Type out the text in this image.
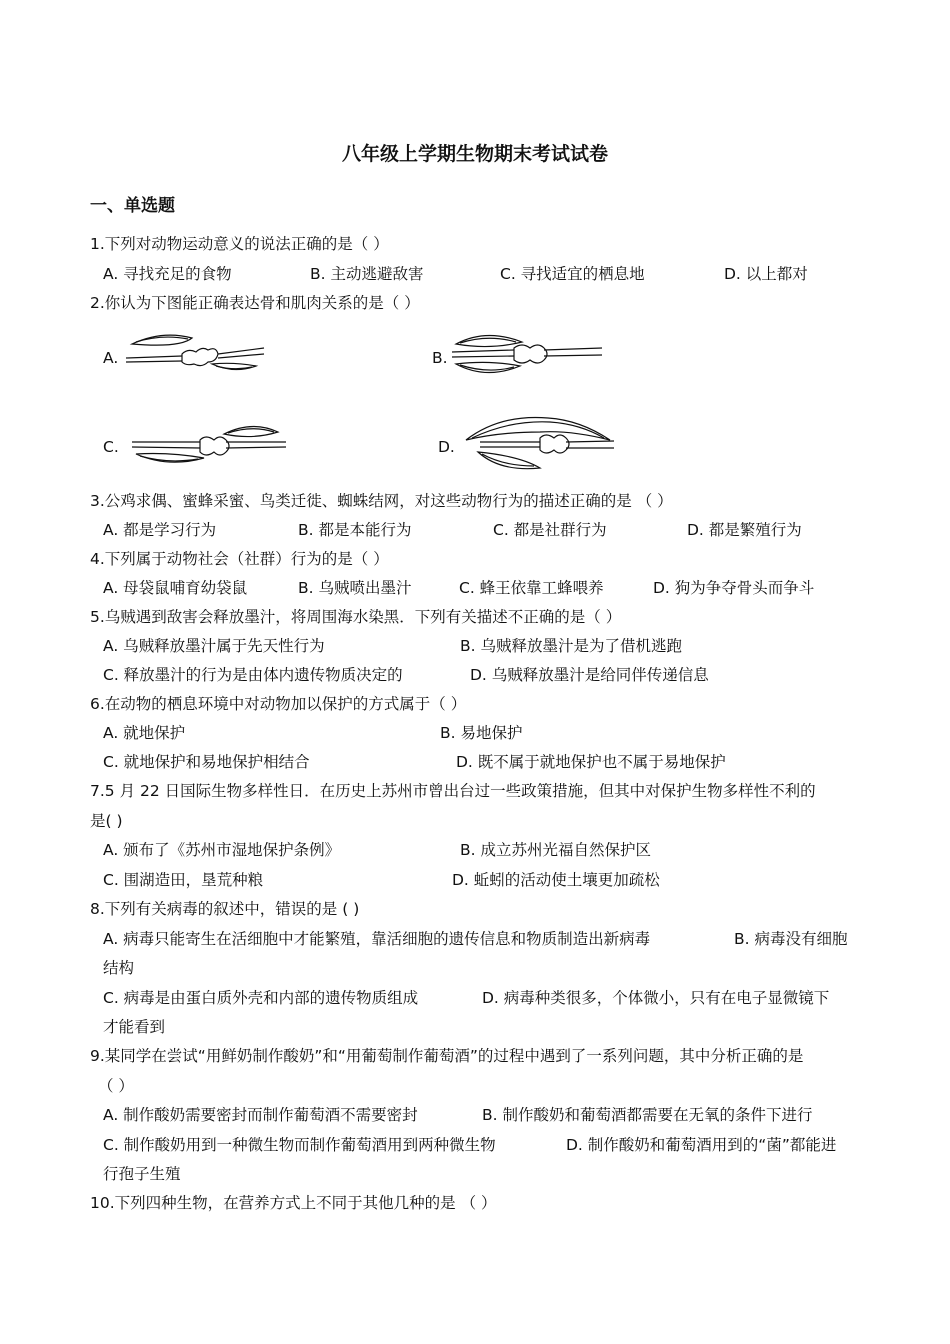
八年级上学期生物期末考试试卷
一、单选题
1.下列对动物运动意义的说法正确的是（ ）
A. 寻找充足的食物	B. 主动逃避敌害	C. 寻找适宜的栖息地	D. 以上都对
2.你认为下图能正确表达骨和肌肉关系的是（ ）
A.	B.
C.	D.
3.公鸡求偶、蜜蜂采蜜、鸟类迁徙、蜘蛛结网，对这些动物行为的描述正确的是 （ ）
A. 都是学习行为	B. 都是本能行为	C. 都是社群行为	D. 都是繁殖行为
4.下列属于动物社会（社群）行为的是（ ）
A. 母袋鼠哺育幼袋鼠	B. 乌贼喷出墨汁	C. 蜂王依靠工蜂喂养	D. 狗为争夺骨头而争斗
5.乌贼遇到敌害会释放墨汁，将周围海水染黑．下列有关描述不正确的是（ ）
A. 乌贼释放墨汁属于先天性行为	B. 乌贼释放墨汁是为了借机逃跑
C. 释放墨汁的行为是由体内遗传物质决定的	D. 乌贼释放墨汁是给同伴传递信息
6.在动物的栖息环境中对动物加以保护的方式属于（ ）
A. 就地保护	B. 易地保护
C. 就地保护和易地保护相结合	D. 既不属于就地保护也不属于易地保护
7.5 月 22 日国际生物多样性日．在历史上苏州市曾出台过一些政策措施，但其中对保护生物多样性不利的
是( )
A. 颁布了《苏州市湿地保护条例》	B. 成立苏州光福自然保护区
C. 围湖造田，垦荒种粮	D. 蚯蚓的活动使土壤更加疏松
8.下列有关病毒的叙述中，错误的是 ( )
A. 病毒只能寄生在活细胞中才能繁殖，靠活细胞的遗传信息和物质制造出新病毒	B. 病毒没有细胞
结构
C. 病毒是由蛋白质外壳和内部的遗传物质组成	D. 病毒种类很多，个体微小，只有在电子显微镜下
才能看到
9.某同学在尝试“用鲜奶制作酸奶”和“用葡萄制作葡萄酒”的过程中遇到了一系列问题，其中分析正确的是
（ ）
A. 制作酸奶需要密封而制作葡萄酒不需要密封	B. 制作酸奶和葡萄酒都需要在无氧的条件下进行
C. 制作酸奶用到一种微生物而制作葡萄酒用到两种微生物	D. 制作酸奶和葡萄酒用到的“菌”都能进
行孢子生殖
10.下列四种生物，在营养方式上不同于其他几种的是 （ ）
